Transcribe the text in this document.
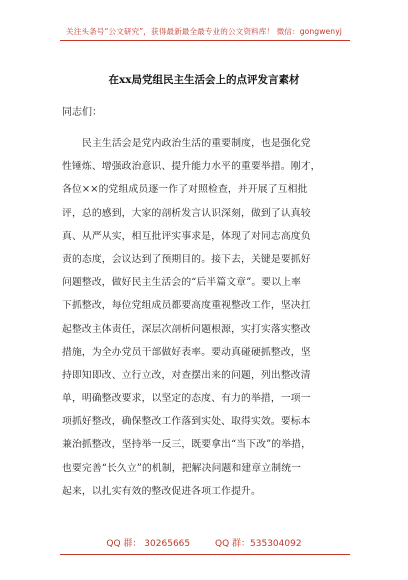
关注头条号“公文研究”，获得最新最全最专业的公文资料库！ 微信：gongwenyj
在xx局党组民主生活会上的点评发言素材
同志们：
民主生活会是党内政治生活的重要制度，也是强化党
性锤炼、增强政治意识、提升能力水平的重要举措。刚才，
各位××的党组成员逐一作了对照检查，并开展了互相批
评，总的感到，大家的剖析发言认识深刻，做到了认真较
真、从严从实，相互批评实事求是，体现了对同志高度负
责的态度，会议达到了预期目的。接下去，关键是要抓好
问题整改，做好民主生活会的“后半篇文章”。要以上率
下抓整改，每位党组成员都要高度重视整改工作，坚决扛
起整改主体责任，深层次剖析问题根源，实打实落实整改
措施，为全办党员干部做好表率。要动真碰硬抓整改，坚
持即知即改、立行立改，对查摆出来的问题，列出整改清
单，明确整改要求，以坚定的态度、有力的举措，一项一
项抓好整改，确保整改工作落到实处、取得实效。要标本
兼治抓整改，坚持举一反三，既要拿出“当下改”的举措，
也要完善“长久立”的机制，把解决问题和建章立制统一
起来，以扎实有效的整改促进各项工作提升。
QQ 群： 30265665	QQ 群：535304092
